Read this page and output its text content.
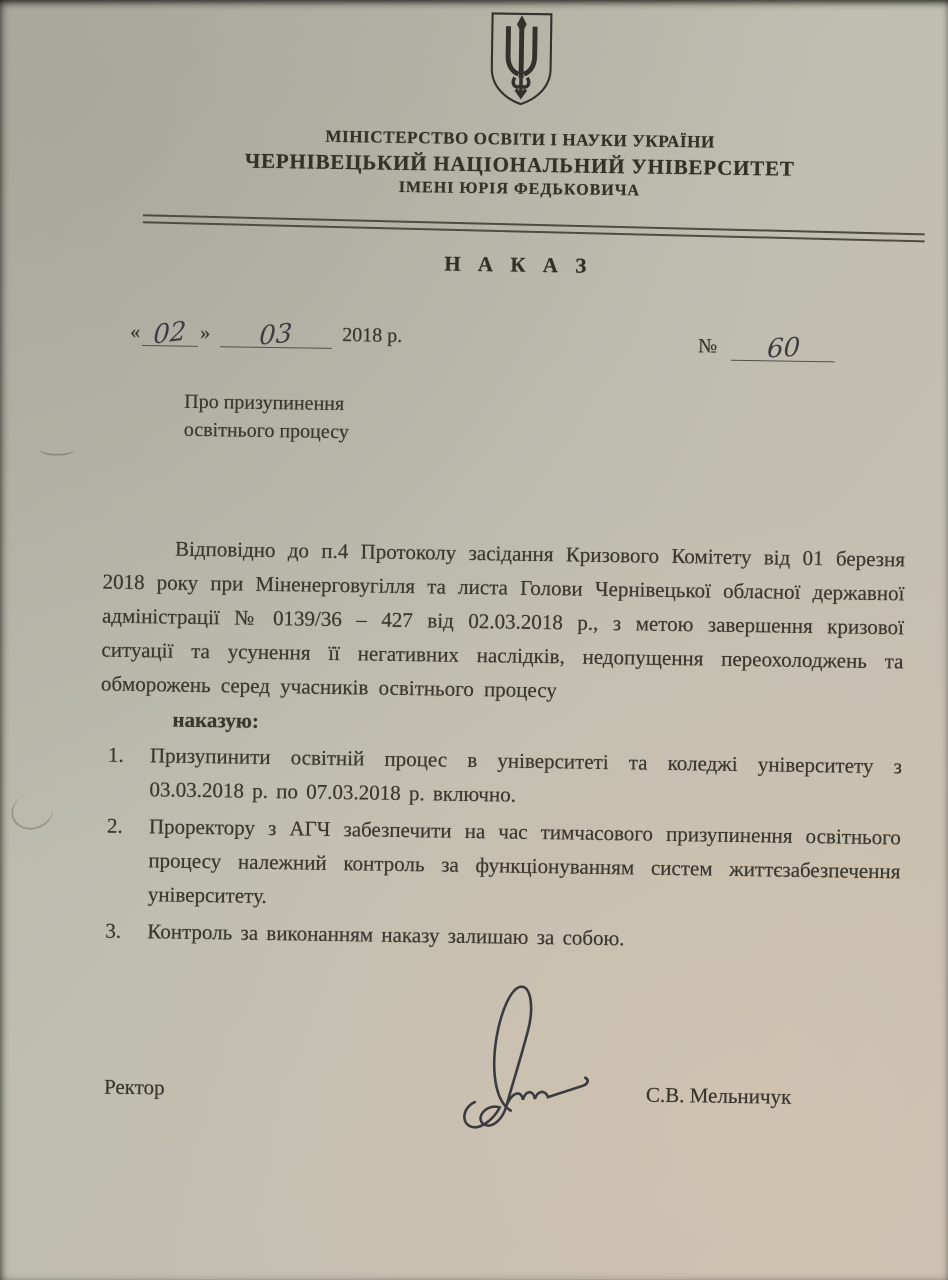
МІНІСТЕРСТВО ОСВІТИ І НАУКИ УКРАЇНИ
ЧЕРНІВЕЦЬКИЙ НАЦІОНАЛЬНИЙ УНІВЕРСИТЕТ
ІМЕНІ ЮРІЯ ФЕДЬКОВИЧА
Н А К А З
« 02 » 03 2018 р.	№ 60
Про призупинення
освітнього процесу

Відповідно до п.4 Протоколу засідання Кризового Комітету від 01 березня 2018 року при Міненерговугілля та листа Голови Чернівецької обласної державної адміністрації № 0139/36 – 427 від 02.03.2018 р., з метою завершення кризової ситуації та усунення її негативних наслідків, недопущення переохолоджень та обморожень серед учасників освітнього процесу

наказую:
1.	Призупинити освітній процес в університеті та коледжі університету з 03.03.2018 р. по 07.03.2018 р. включно.
2.	Проректору з АГЧ забезпечити на час тимчасового призупинення освітнього процесу належний контроль за функціонуванням систем життєзабезпечення університету.
3.	Контроль за виконанням наказу залишаю за собою.
Ректор	С.В. Мельничук
